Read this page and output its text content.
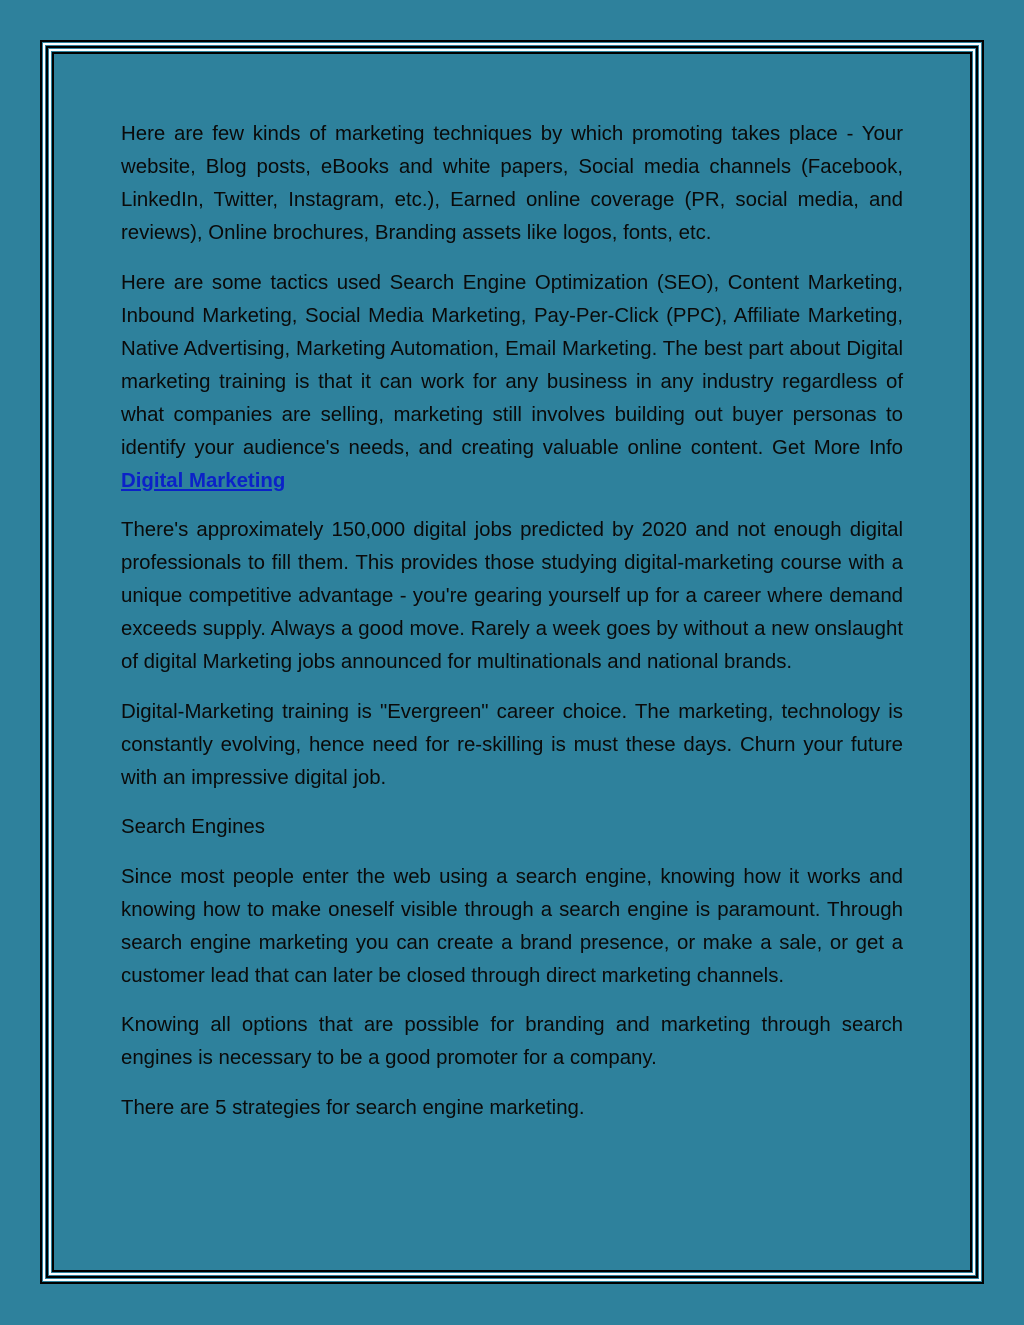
Here are few kinds of marketing techniques by which promoting takes place - Your website, Blog posts, eBooks and white papers, Social media channels (Facebook, LinkedIn, Twitter, Instagram, etc.), Earned online coverage (PR, social media, and reviews), Online brochures, Branding assets like logos, fonts, etc.

Here are some tactics used Search Engine Optimization (SEO), Content Marketing, Inbound Marketing, Social Media Marketing, Pay-Per-Click (PPC), Affiliate Marketing, Native Advertising, Marketing Automation, Email Marketing. The best part about Digital marketing training is that it can work for any business in any industry regardless of what companies are selling, marketing still involves building out buyer personas to identify your audience's needs, and creating valuable online content. Get More Info Digital Marketing

There's approximately 150,000 digital jobs predicted by 2020 and not enough digital professionals to fill them. This provides those studying digital-marketing course with a unique competitive advantage - you're gearing yourself up for a career where demand exceeds supply. Always a good move. Rarely a week goes by without a new onslaught of digital Marketing jobs announced for multinationals and national brands.

Digital-Marketing training is "Evergreen" career choice. The marketing, technology is constantly evolving, hence need for re-skilling is must these days. Churn your future with an impressive digital job.

Search Engines

Since most people enter the web using a search engine, knowing how it works and knowing how to make oneself visible through a search engine is paramount. Through search engine marketing you can create a brand presence, or make a sale, or get a customer lead that can later be closed through direct marketing channels.

Knowing all options that are possible for branding and marketing through search engines is necessary to be a good promoter for a company.

There are 5 strategies for search engine marketing.
